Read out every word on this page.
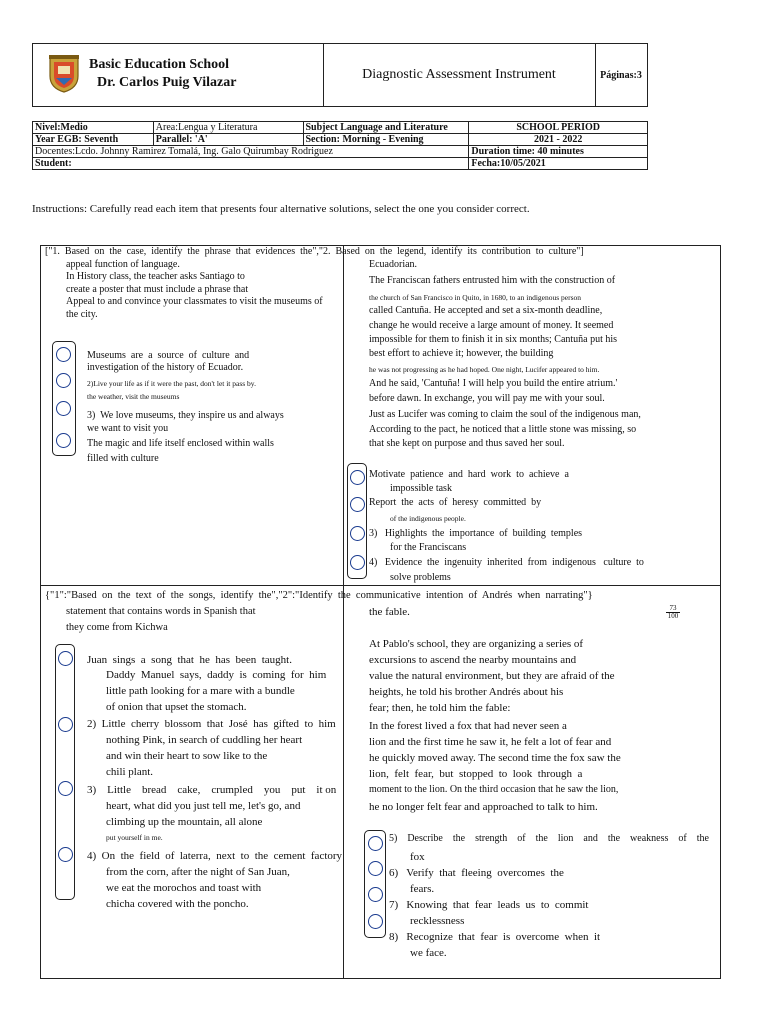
Basic Education School
Dr. Carlos Puig Vilazar
Diagnostic Assessment Instrument	Páginas:3
Nivel:Medio	Area:Lengua y Literatura	Subject Language and Literature	SCHOOL PERIOD
Year EGB: Seventh	Parallel: 'A'	Section: Morning - Evening	2021 - 2022
Docentes:Lcdo. Johnny Ramirez Tomalá, Ing. Galo Quirumbay Rodriguez			Duration time: 40 minutes
Student:			Fecha:10/05/2021
Instructions: Carefully read each item that presents four alternative solutions, select the one you consider correct.
["1.  Based  on  the  case,  identify  the  phrase  that  evidences  the","2.  Based  on  the  legend,  identify  its  contribution  to  culture"]
appeal function of language.
In History class, the teacher asks Santiago to
create a poster that must include a phrase that
Appeal to and convince your classmates to visit the museums of
the city.
Museums  are  a  source  of  culture  and
investigation of the history of Ecuador.
2)Live your life as if it were the past, don't let it pass by.
the weather, visit the museums
3)  We love museums, they inspire us and always
we want to visit you
The magic and life itself enclosed within walls
filled with culture
Ecuadorian.
The Franciscan fathers entrusted him with the construction of
the church of San Francisco in Quito, in 1680, to an indigenous person
called Cantuña. He accepted and set a six-month deadline,
change he would receive a large amount of money. It seemed
impossible for them to finish it in six months; Cantuña put his
best effort to achieve it; however, the building
he was not progressing as he had hoped. One night, Lucifer appeared to him.
And he said, 'Cantuña! I will help you build the entire atrium.'
before dawn. In exchange, you will pay me with your soul.
Just as Lucifer was coming to claim the soul of the indigenous man,
According to the pact, he noticed that a little stone was missing, so
that she kept on purpose and thus saved her soul.
Motivate  patience  and  hard  work  to  achieve  a
impossible task
Report  the  acts  of  heresy  committed  by
of the indigenous people.
3)   Highlights  the  importance  of  building  temples
for the Franciscans
4)   Evidence  the  ingenuity  inherited  from  indigenous   culture  to
solve problems
{"1":"Based  on  the  text  of  the  songs,  identify  the","2":"Identify  the  communicative  intention  of  Andrés  when  narrating"}
statement that contains words in Spanish that
they come from Kichwa
Juan  sings  a  song  that  he  has  been  taught.
Daddy  Manuel  says,  daddy  is  coming  for  him
little path looking for a mare with a bundle
of onion that upset the stomach.
2)  Little  cherry  blossom  that  José  has  gifted  to  him
nothing Pink, in search of cuddling her heart
and win their heart to sow like to the
chili plant.
3)    Little    bread    cake,    crumpled    you    put    it on
heart, what did you just tell me, let's go, and
climbing up the mountain, all alone
put yourself in me.
4)  On  the  field  of  laterra,  next  to  the  cement  factory
from the corn, after the night of San Juan,
we eat the morochos and toast with
chicha covered with the poncho.
$\frac{73}{100}$
the fable.
At Pablo's school, they are organizing a series of
excursions to ascend the nearby mountains and
value the natural environment, but they are afraid of the
heights, he told his brother Andrés about his
fear; then, he told him the fable:
In the forest lived a fox that had never seen a
lion and the first time he saw it, he felt a lot of fear and
he quickly moved away. The second time the fox saw the
lion,  felt  fear,  but  stopped  to  look  through  a
moment to the lion. On the third occasion that he saw the lion,
he no longer felt fear and approached to talk to him.
5)    Describe    the    strength    of    the    lion    and    the    weakness    of    the
fox
6)   Verify  that  fleeing  overcomes  the
fears.
7)   Knowing  that  fear  leads  us  to  commit
recklessness
8)   Recognize  that  fear  is  overcome  when  it
we face.
